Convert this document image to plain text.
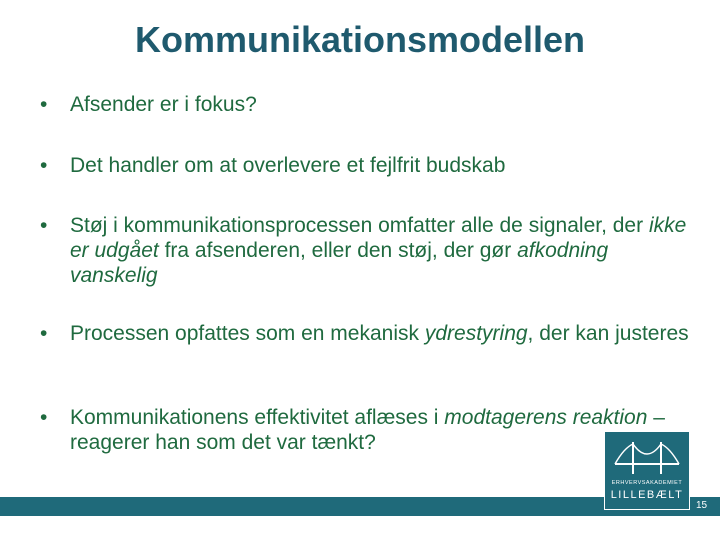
Kommunikationsmodellen
•	Afsender er i fokus?
•	Det handler om at overlevere et fejlfrit budskab
•	Støj i kommunikationsprocessen omfatter alle de signaler, der ikke er udgået fra afsenderen, eller den støj, der gør afkodning vanskelig
•	Processen opfattes som en mekanisk ydrestyring, der kan justeres
•	Kommunikationens effektivitet aflæses i modtagerens reaktion – reagerer han som det var tænkt?
ERHVERVSAKADEMIET
LILLEBÆLT
15
